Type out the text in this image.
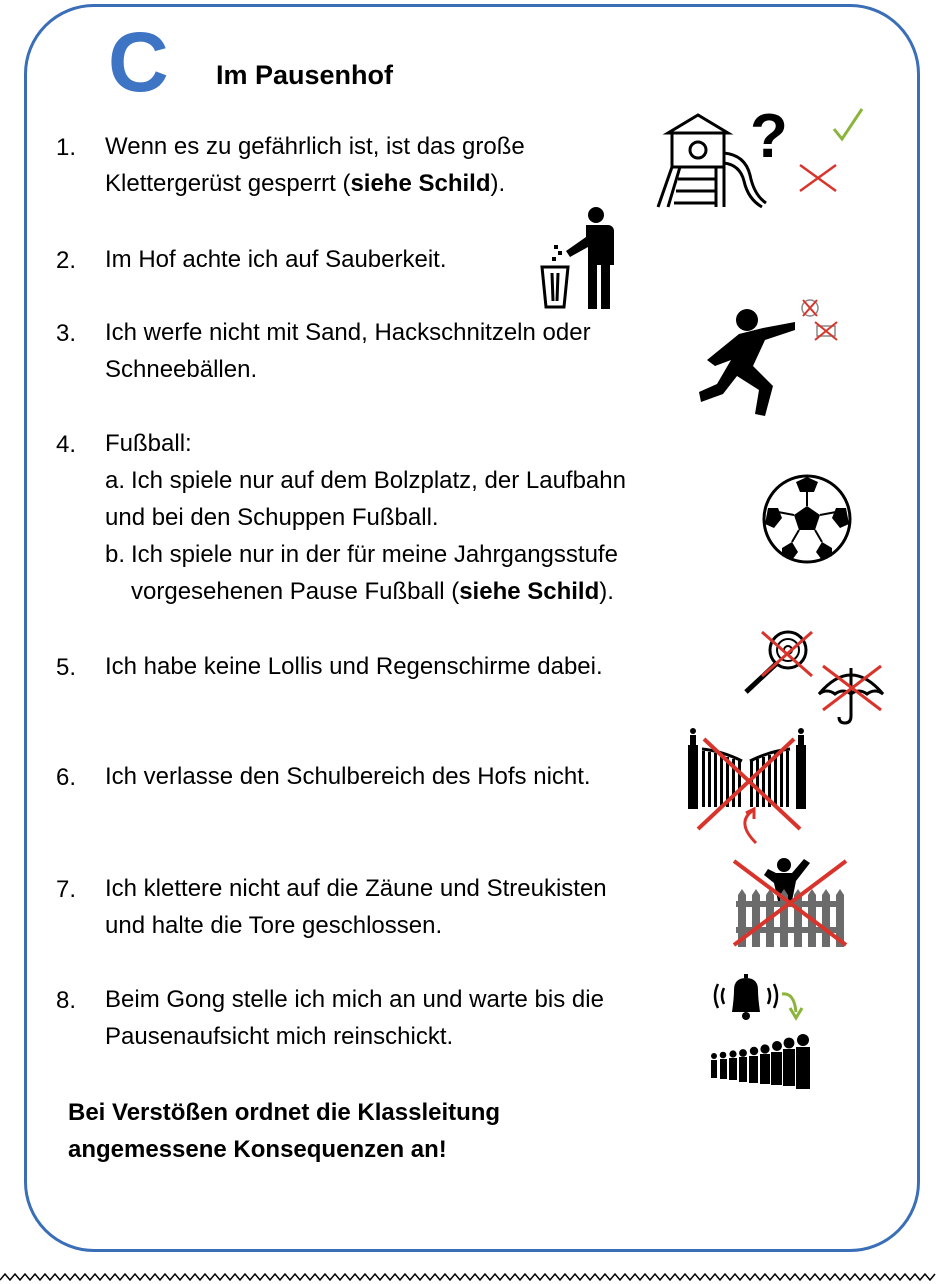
C Im Pausenhof
1. Wenn es zu gefährlich ist, ist das große
Klettergerüst gesperrt (siehe Schild).
2. Im Hof achte ich auf Sauberkeit.
3. Ich werfe nicht mit Sand, Hackschnitzeln oder
Schneebällen.
4. Fußball:
a. Ich spiele nur auf dem Bolzplatz, der Laufbahn
und bei den Schuppen Fußball.
b. Ich spiele nur in der für meine Jahrgangsstufe
vorgesehenen Pause Fußball (siehe Schild).
5. Ich habe keine Lollis und Regenschirme dabei.
6. Ich verlasse den Schulbereich des Hofs nicht.
7. Ich klettere nicht auf die Zäune und Streukisten
und halte die Tore geschlossen.
8. Beim Gong stelle ich mich an und warte bis die
Pausenaufsicht mich reinschickt.
Bei Verstößen ordnet die Klassleitung
angemessene Konsequenzen an!
?
